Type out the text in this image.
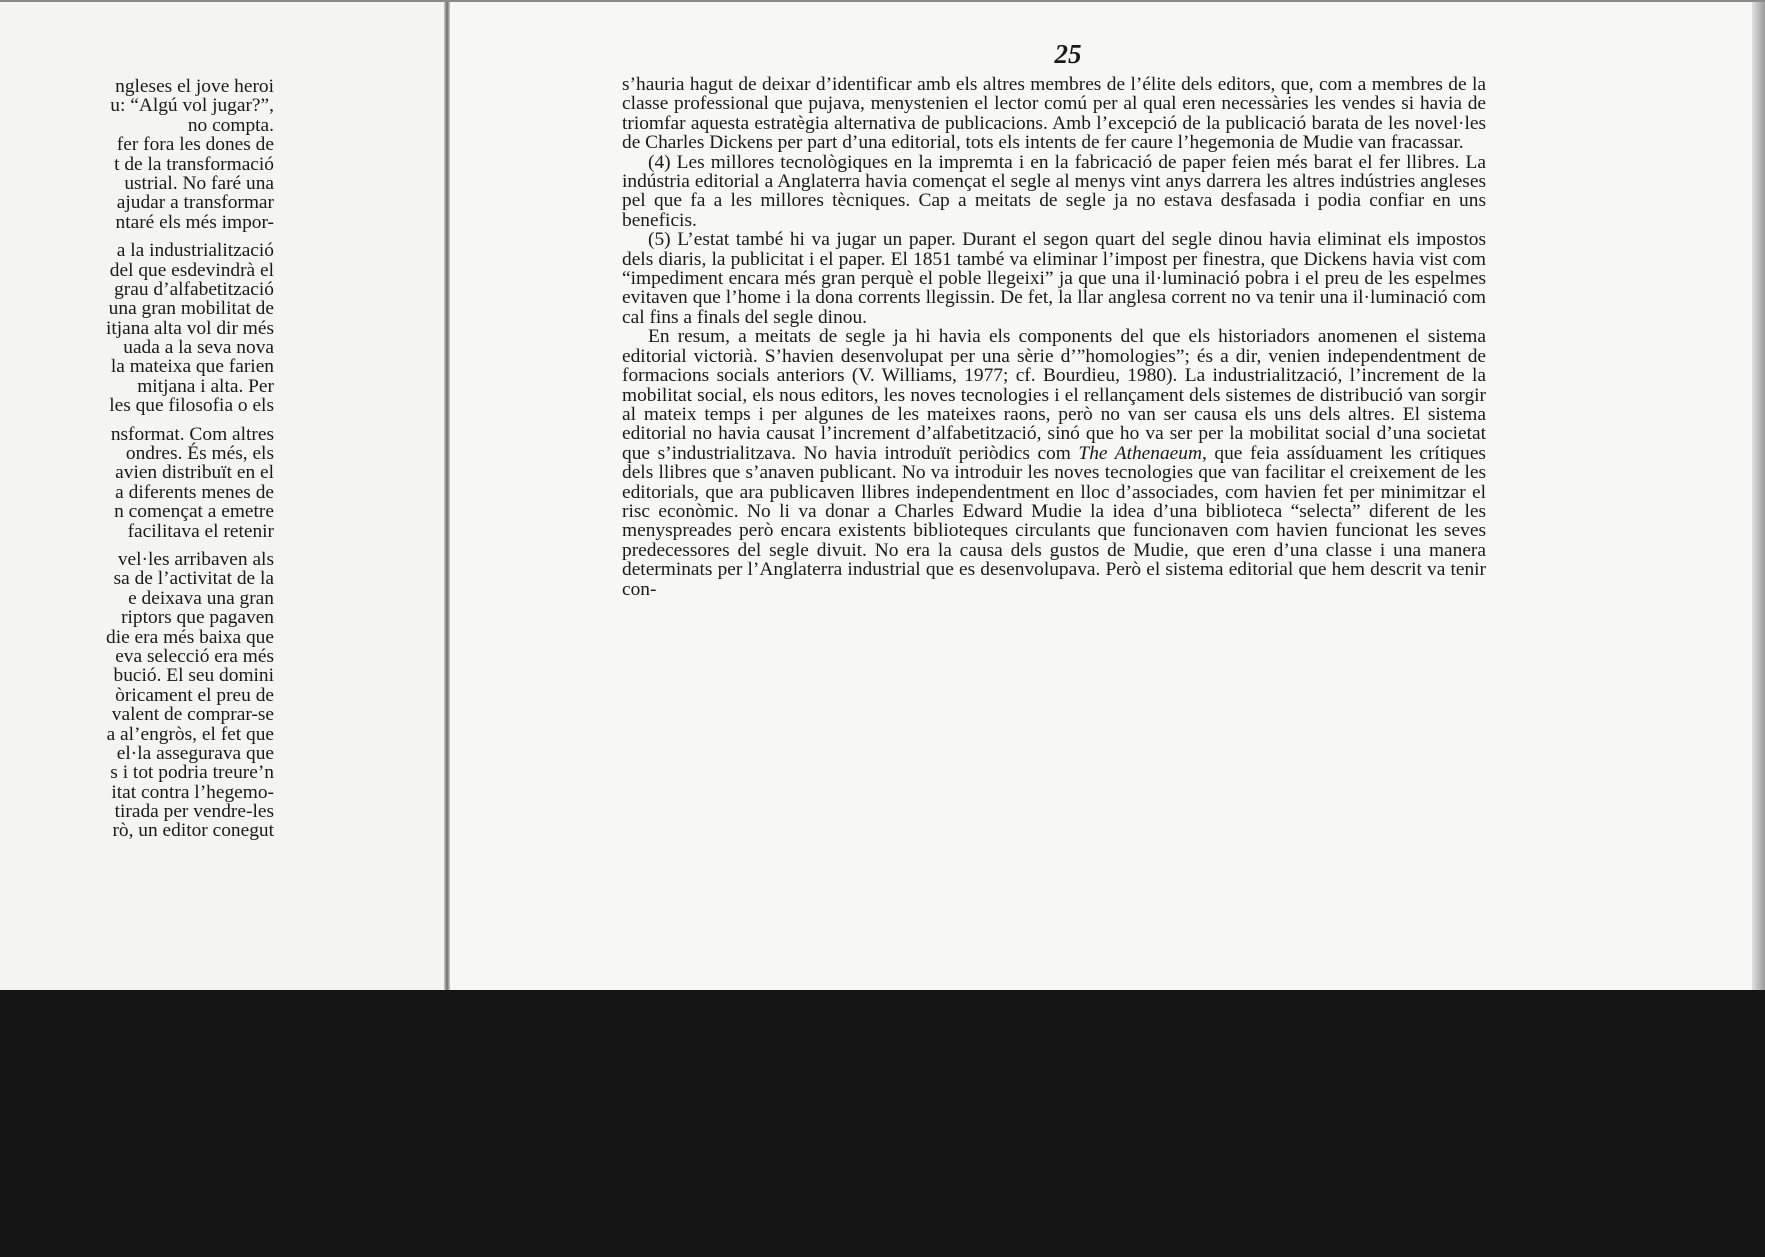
ngleses el jove heroi
u: “Algú vol jugar?”,
no compta.
fer fora les dones de
t de la transformació
ustrial. No faré una
ajudar a transformar
ntaré els més impor-
a la industrialització
del que esdevindrà el
grau d’alfabetització
una gran mobilitat de
itjana alta vol dir més
uada a la seva nova
la mateixa que farien
mitjana i alta. Per
les que filosofia o els
nsformat. Com altres
ondres. És més, els
avien distribuït en el
a diferents menes de
n començat a emetre
facilitava el retenir
vel·les arribaven als
sa de l’activitat de la
e deixava una gran
riptors que pagaven
die era més baixa que
eva selecció era més
bució. El seu domini
òricament el preu de
valent de comprar-se
a al’engròs, el fet que
el·la assegurava que
s i tot podria treure’n
itat contra l’hegemo-
tirada per vendre-les
rò, un editor conegut
25

s’hauria hagut de deixar d’identificar amb els altres membres de l’élite dels editors, que, com a membres de la classe professional que pujava, menystenien el lector comú per al qual eren necessàries les vendes si havia de triomfar aquesta estratègia alternativa de publicacions. Amb l’excepció de la publicació barata de les novel·les de Charles Dickens per part d’una editorial, tots els intents de fer caure l’hegemonia de Mudie van fracassar.

(4) Les millores tecnològiques en la impremta i en la fabricació de paper feien més barat el fer llibres. La indústria editorial a Anglaterra havia començat el segle al menys vint anys darrera les altres indústries angleses pel que fa a les millores tècniques. Cap a meitats de segle ja no estava desfasada i podia confiar en uns beneficis.

(5) L’estat també hi va jugar un paper. Durant el segon quart del segle dinou havia eliminat els impostos dels diaris, la publicitat i el paper. El 1851 també va eliminar l’impost per finestra, que Dickens havia vist com “impediment encara més gran perquè el poble llegeixi” ja que una il·luminació pobra i el preu de les espelmes evitaven que l’home i la dona corrents llegissin. De fet, la llar anglesa corrent no va tenir una il·luminació com cal fins a finals del segle dinou.

En resum, a meitats de segle ja hi havia els components del que els historiadors anomenen el sistema editorial victorià. S’havien desenvolupat per una sèrie d’”homologies”; és a dir, venien independentment de formacions socials anteriors (V. Williams, 1977; cf. Bourdieu, 1980). La industrialització, l’increment de la mobilitat social, els nous editors, les noves tecnologies i el rellançament dels sistemes de distribució van sorgir al mateix temps i per algunes de les mateixes raons, però no van ser causa els uns dels altres. El sistema editorial no havia causat l’increment d’alfabetització, sinó que ho va ser per la mobilitat social d’una societat que s’industrialitzava. No havia introduït periòdics com The Athenaeum, que feia assíduament les crítiques dels llibres que s’anaven publicant. No va introduir les noves tecnologies que van facilitar el creixement de les editorials, que ara publicaven llibres independentment en lloc d’associades, com havien fet per minimitzar el risc econòmic. No li va donar a Charles Edward Mudie la idea d’una biblioteca “selecta” diferent de les menyspreades però encara existents biblioteques circulants que funcionaven com havien funcionat les seves predecessores del segle divuit. No era la causa dels gustos de Mudie, que eren d’una classe i una manera determinats per l’Anglaterra industrial que es desenvolupava. Però el sistema editorial que hem descrit va tenir con-
